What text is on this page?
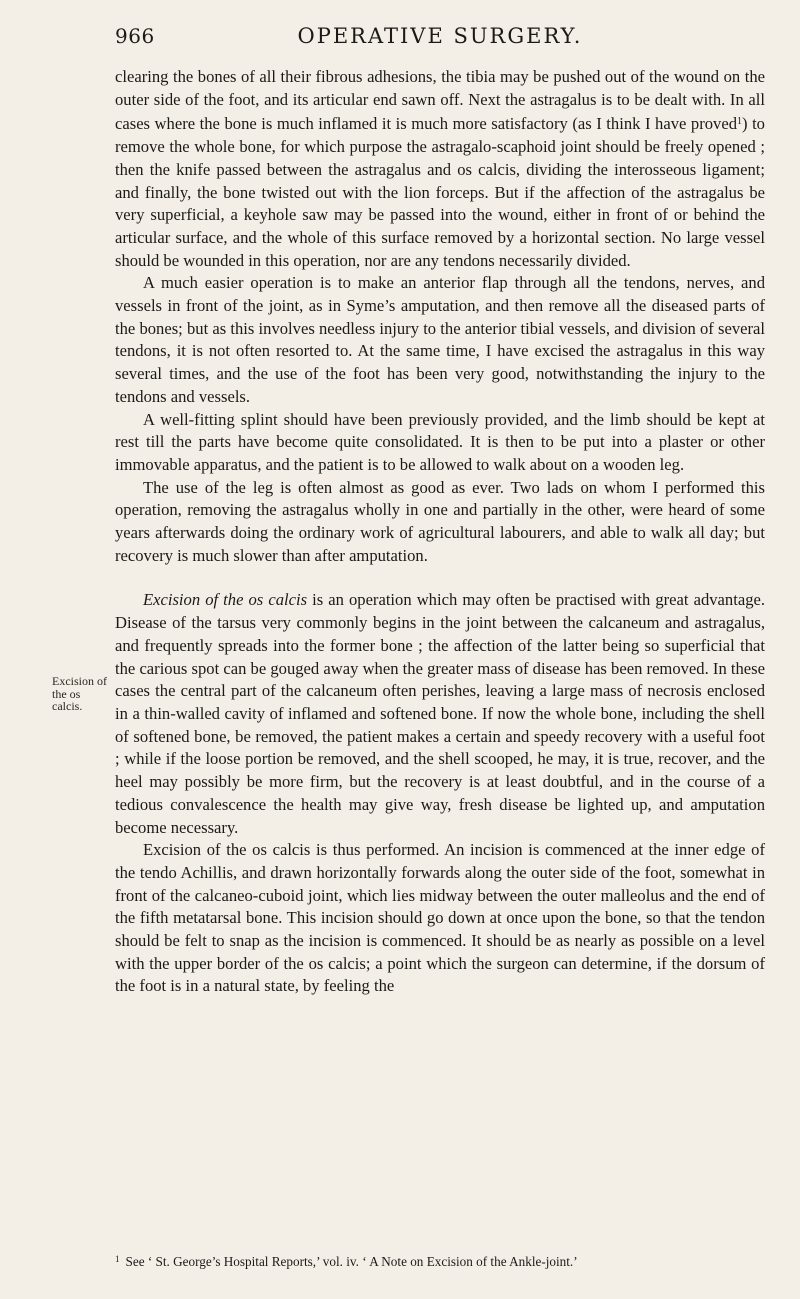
966	OPERATIVE SURGERY.

clearing the bones of all their fibrous adhesions, the tibia may be pushed out of the wound on the outer side of the foot, and its articular end sawn off. Next the astragalus is to be dealt with. In all cases where the bone is much inflamed it is much more satisfactory (as I think I have proved$^1$) to remove the whole bone, for which purpose the astragalo-scaphoid joint should be freely opened ; then the knife passed between the astragalus and os calcis, dividing the interosseous ligament; and finally, the bone twisted out with the lion forceps. But if the affection of the astragalus be very superficial, a keyhole saw may be passed into the wound, either in front of or behind the articular surface, and the whole of this surface removed by a horizontal section. No large vessel should be wounded in this operation, nor are any tendons necessarily divided.

A much easier operation is to make an anterior flap through all the tendons, nerves, and vessels in front of the joint, as in Syme’s amputation, and then remove all the diseased parts of the bones; but as this involves needless injury to the anterior tibial vessels, and division of several tendons, it is not often resorted to. At the same time, I have excised the astragalus in this way several times, and the use of the foot has been very good, notwithstanding the injury to the tendons and vessels.

A well-fitting splint should have been previously provided, and the limb should be kept at rest till the parts have become quite consolidated. It is then to be put into a plaster or other immovable apparatus, and the patient is to be allowed to walk about on a wooden leg.

The use of the leg is often almost as good as ever. Two lads on whom I performed this operation, removing the astragalus wholly in one and partially in the other, were heard of some years afterwards doing the ordinary work of agricultural labourers, and able to walk all day; but recovery is much slower than after amputation.

Excision of the os calcis is an operation which may often be practised with great advantage. Disease of the tarsus very commonly begins in the joint between the calcaneum and astragalus, and frequently spreads into the former bone ; the affection of the latter being so superficial that the carious spot can be gouged away when the greater mass of disease has been removed. In these cases the central part of the calcaneum often perishes, leaving a large mass of necrosis enclosed in a thin-walled cavity of inflamed and softened bone. If now the whole bone, including the shell of softened bone, be removed, the patient makes a certain and speedy recovery with a useful foot ; while if the loose portion be removed, and the shell scooped, he may, it is true, recover, and the heel may possibly be more firm, but the recovery is at least doubtful, and in the course of a tedious convalescence the health may give way, fresh disease be lighted up, and amputation become necessary.

Excision of the os calcis is thus performed. An incision is commenced at the inner edge of the tendo Achillis, and drawn horizontally forwards along the outer side of the foot, somewhat in front of the calcaneo-cuboid joint, which lies midway between the outer malleolus and the end of the fifth metatarsal bone. This incision should go down at once upon the bone, so that the tendon should be felt to snap as the incision is commenced. It should be as nearly as possible on a level with the upper border of the os calcis; a point which the surgeon can determine, if the dorsum of the foot is in a natural state, by feeling the

Excision of
the os
calcis.
$^1$ See ‘ St. George’s Hospital Reports,’ vol. iv. ‘ A Note on Excision of the Ankle-joint.’
